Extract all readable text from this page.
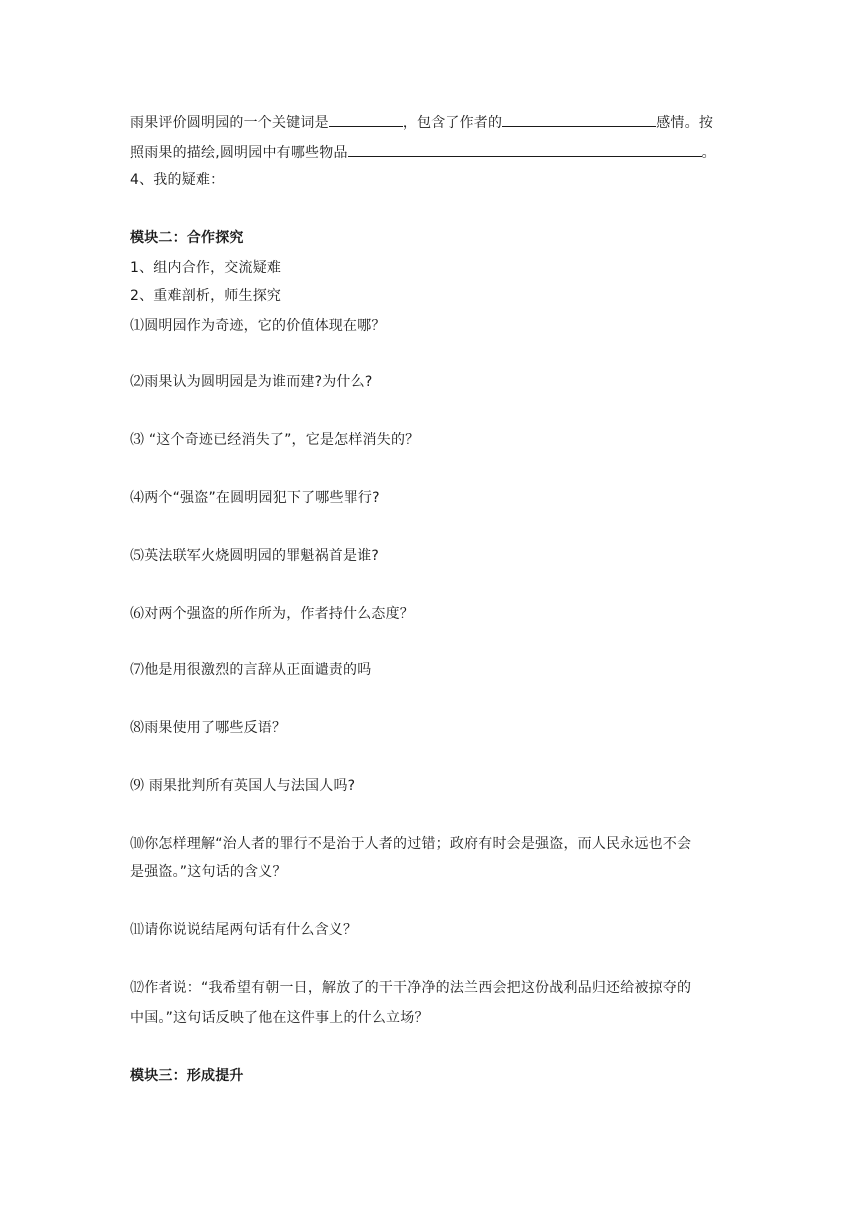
雨果评价圆明园的一个关键词是	，包含了作者的	感情。按
照雨果的描绘,圆明园中有哪些物品	。
4、我的疑难：
模块二：合作探究
1、组内合作，交流疑难
2、重难剖析，师生探究
⑴圆明园作为奇迹，它的价值体现在哪？
⑵雨果认为圆明园是为谁而建?为什么?
⑶ “这个奇迹已经消失了”，它是怎样消失的？
⑷两个“强盗”在圆明园犯下了哪些罪行?
⑸英法联军火烧圆明园的罪魁祸首是谁?
⑹对两个强盗的所作所为，作者持什么态度？
⑺他是用很激烈的言辞从正面谴责的吗
⑻雨果使用了哪些反语？
⑼ 雨果批判所有英国人与法国人吗?
⑽你怎样理解“治人者的罪行不是治于人者的过错；政府有时会是强盗，而人民永远也不会
是强盗。”这句话的含义？
⑾请你说说结尾两句话有什么含义？
⑿作者说：“我希望有朝一日，解放了的干干净净的法兰西会把这份战利品归还给被掠夺的
中国。”这句话反映了他在这件事上的什么立场？
模块三：形成提升
